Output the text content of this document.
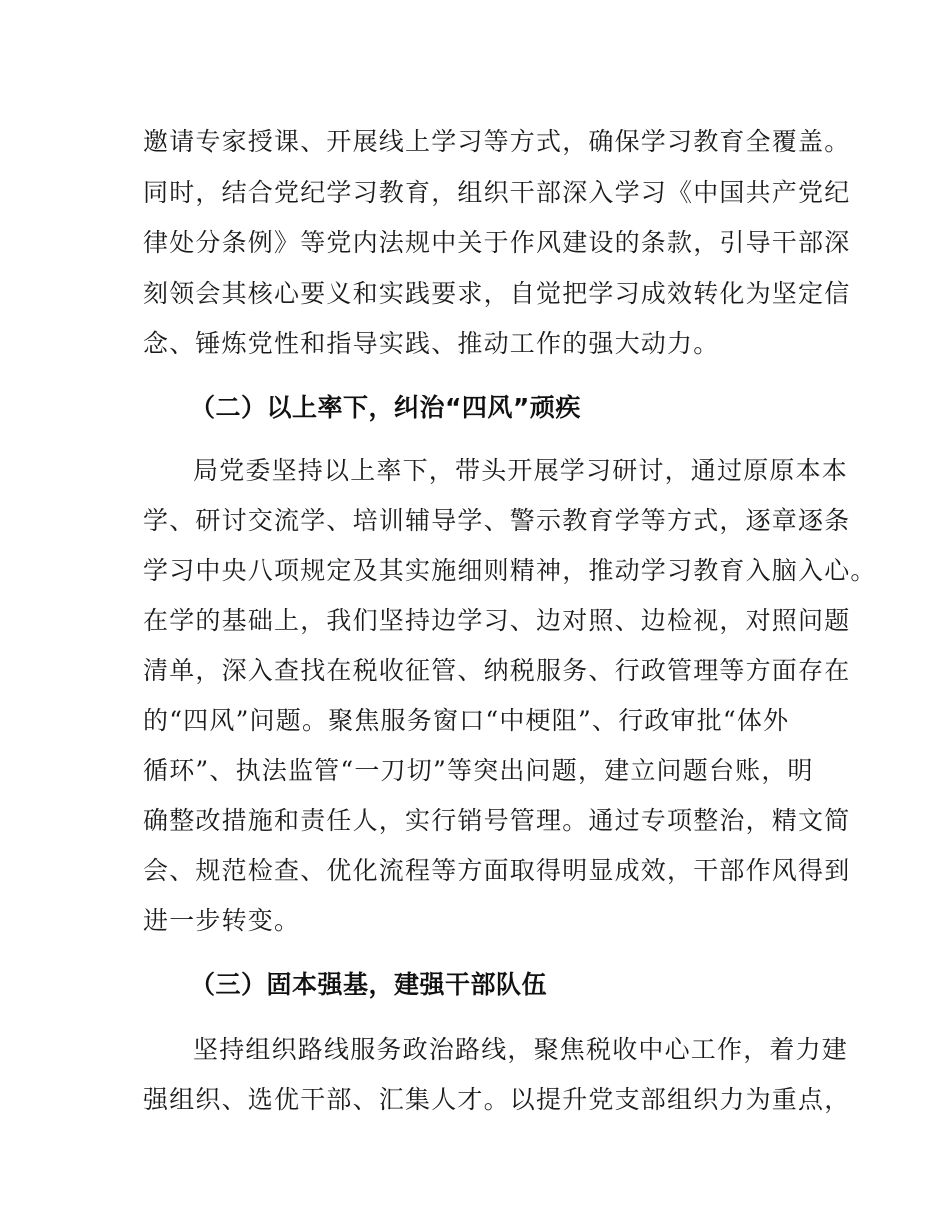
邀请专家授课、开展线上学习等方式，确保学习教育全覆盖。
同时，结合党纪学习教育，组织干部深入学习《中国共产党纪
律处分条例》等党内法规中关于作风建设的条款，引导干部深
刻领会其核心要义和实践要求，自觉把学习成效转化为坚定信
念、锤炼党性和指导实践、推动工作的强大动力。
（二）以上率下，纠治“四风”顽疾
局党委坚持以上率下，带头开展学习研讨，通过原原本本
学、研讨交流学、培训辅导学、警示教育学等方式，逐章逐条
学习中央八项规定及其实施细则精神，推动学习教育入脑入心。
在学的基础上，我们坚持边学习、边对照、边检视，对照问题
清单，深入查找在税收征管、纳税服务、行政管理等方面存在
的“四风”问题。聚焦服务窗口“中梗阻”、行政审批“体外
循环”、执法监管“一刀切”等突出问题，建立问题台账，明
确整改措施和责任人，实行销号管理。通过专项整治，精文简
会、规范检查、优化流程等方面取得明显成效，干部作风得到
进一步转变。
（三）固本强基，建强干部队伍
坚持组织路线服务政治路线，聚焦税收中心工作，着力建
强组织、选优干部、汇集人才。以提升党支部组织力为重点，
